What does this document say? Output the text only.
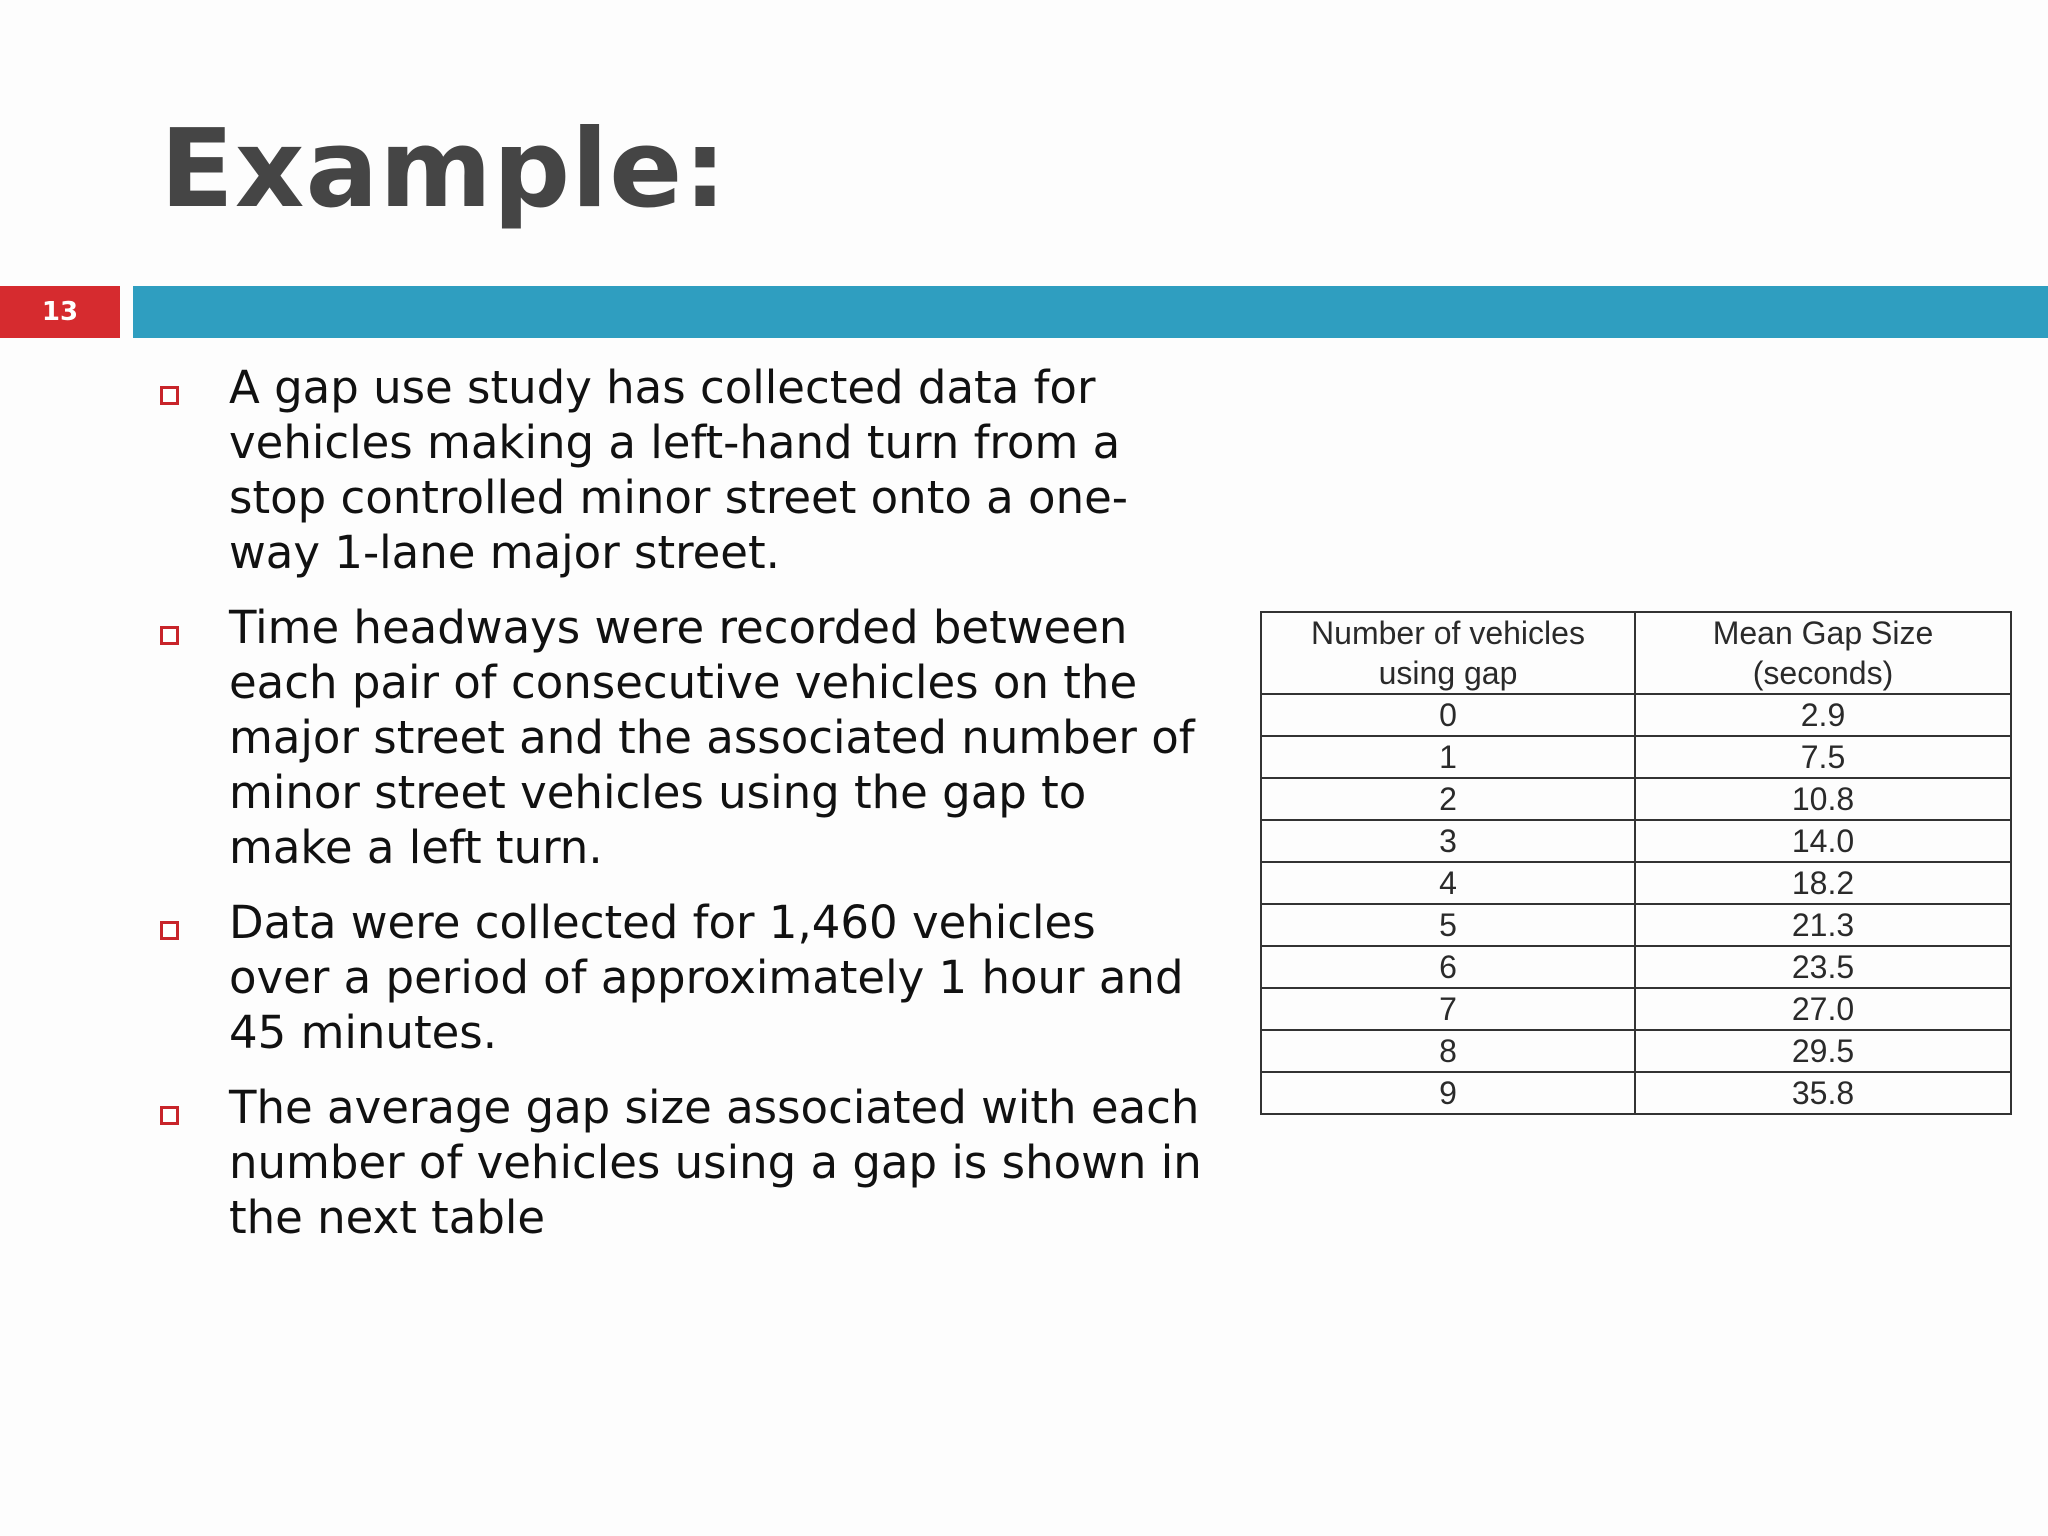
Example:
13
A gap use study has collected data for vehicles making a left-hand turn from a stop controlled minor street onto a one-way 1-lane major street.
Time headways were recorded between each pair of consecutive vehicles on the major street and the associated number of minor street vehicles using the gap to make a left turn.
Data were collected for 1,460 vehicles over a period of approximately 1 hour and 45 minutes.
The average gap size associated with each number of vehicles using a gap is shown in the next table
Number of vehicles
using gap	Mean Gap Size
(seconds)

0	2.9
1	7.5
2	10.8
3	14.0
4	18.2
5	21.3
6	23.5
7	27.0
8	29.5
9	35.8
